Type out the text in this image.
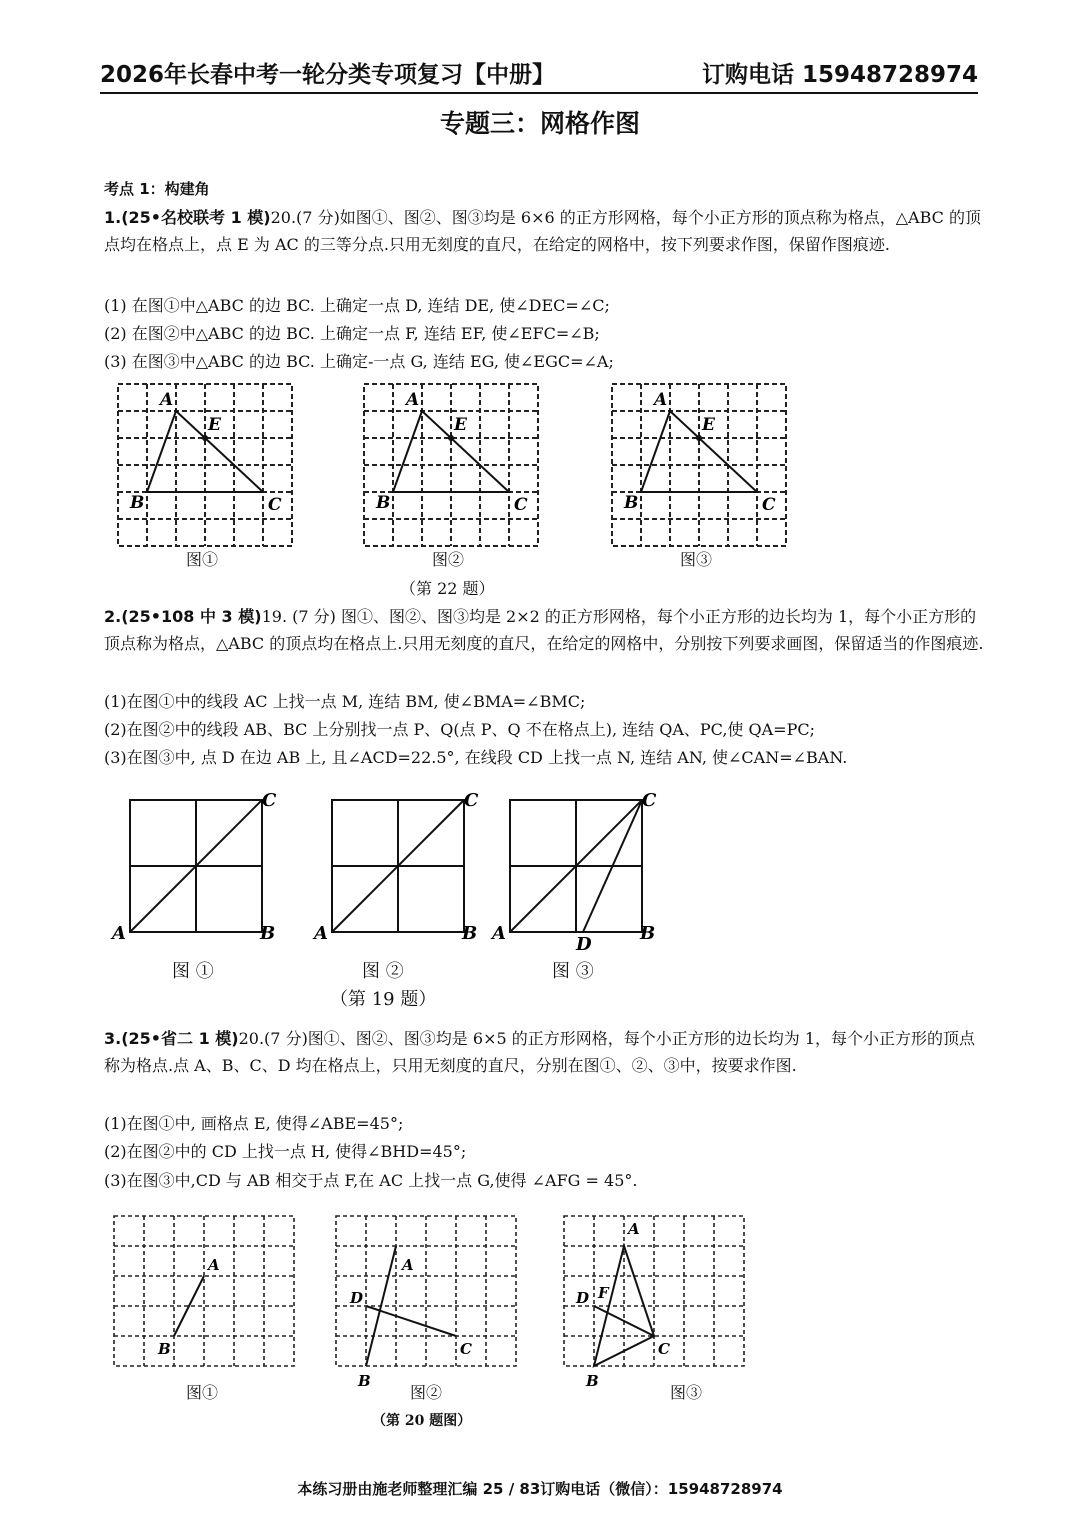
2026年长春中考一轮分类专项复习【中册】	订购电话 15948728974
专题三：网格作图
考点 1：构建角
1.(25•名校联考 1 模)20.(7 分)如图①、图②、图③均是 6×6 的正方形网格，每个小正方形的顶点称为格点，△ABC 的顶点均在格点上，点 E 为 AC 的三等分点.只用无刻度的直尺，在给定的网格中，按下列要求作图，保留作图痕迹.
(1) 在图①中△ABC 的边 BC. 上确定一点 D, 连结 DE, 使∠DEC=∠C;
(2) 在图②中△ABC 的边 BC. 上确定一点 F, 连结 EF, 使∠EFC=∠B;
(3) 在图③中△ABC 的边 BC. 上确定-一点 G, 连结 EG, 使∠EGC=∠A;
A
E
B	C
A
E
B	C
A
E
B	C
图①	图②	图③
（第 22 题）
2.(25•108 中 3 模)19. (7 分) 图①、图②、图③均是 2×2 的正方形网格，每个小正方形的边长均为 1，每个小正方形的顶点称为格点，△ABC 的顶点均在格点上.只用无刻度的直尺，在给定的网格中，分别按下列要求画图，保留适当的作图痕迹.
(1)在图①中的线段 AC 上找一点 M, 连结 BM, 使∠BMA=∠BMC;
(2)在图②中的线段 AB、BC 上分别找一点 P、Q(点 P、Q 不在格点上), 连结 QA、PC,使 QA=PC;
(3)在图③中, 点 D 在边 AB 上, 且∠ACD=22.5°, 在线段 CD 上找一点 N, 连结 AN, 使∠CAN=∠BAN.
C
A	B
C
A	B
C
A	B
D
图 ①	图 ②	图 ③
（第 19 题）
3.(25•省二 1 模)20.(7 分)图①、图②、图③均是 6×5 的正方形网格，每个小正方形的边长均为 1，每个小正方形的顶点称为格点.点 A、B、C、D 均在格点上，只用无刻度的直尺，分别在图①、②、③中，按要求作图.
(1)在图①中, 画格点 E, 使得∠ABE=45°;
(2)在图②中的 CD 上找一点 H, 使得∠BHD=45°;
(3)在图③中,CD 与 AB 相交于点 F,在 AC 上找一点 G,使得 ∠AFG = 45°.
A
B
A
D
C
B
A
D F
C
B
图①	图②	图③
（第 20 题图）
本练习册由施老师整理汇编 25 / 83订购电话（微信）：15948728974
